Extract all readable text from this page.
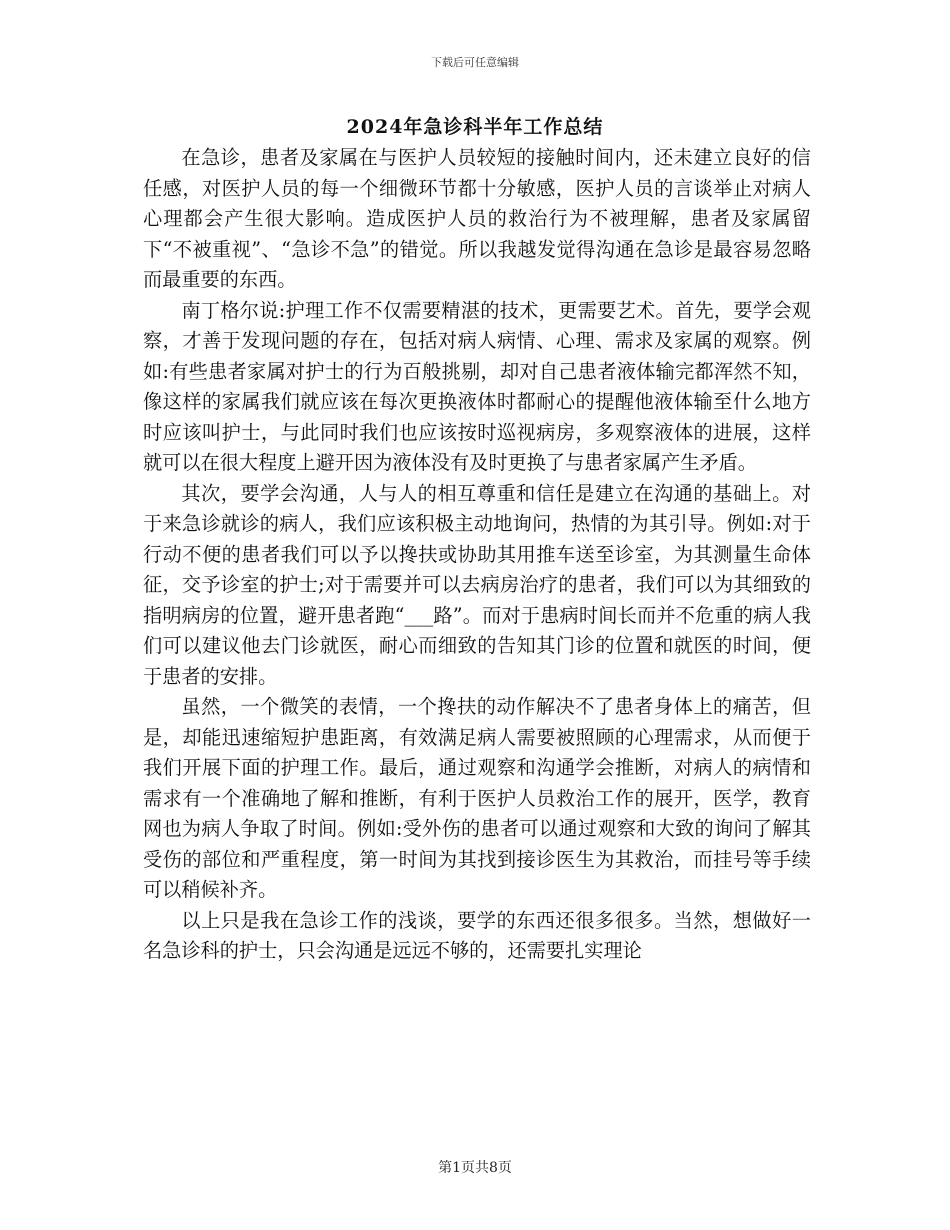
下载后可任意编辑
2024年急诊科半年工作总结

在急诊，患者及家属在与医护人员较短的接触时间内，还未建立良好的信任感，对医护人员的每一个细微环节都十分敏感，医护人员的言谈举止对病人心理都会产生很大影响。造成医护人员的救治行为不被理解，患者及家属留下“不被重视”、“急诊不急”的错觉。所以我越发觉得沟通在急诊是最容易忽略而最重要的东西。

南丁格尔说:护理工作不仅需要精湛的技术，更需要艺术。首先，要学会观察，才善于发现问题的存在，包括对病人病情、心理、需求及家属的观察。例如:有些患者家属对护士的行为百般挑剔，却对自己患者液体输完都浑然不知，像这样的家属我们就应该在每次更换液体时都耐心的提醒他液体输至什么地方时应该叫护士，与此同时我们也应该按时巡视病房，多观察液体的进展，这样就可以在很大程度上避开因为液体没有及时更换了与患者家属产生矛盾。

其次，要学会沟通，人与人的相互尊重和信任是建立在沟通的基础上。对于来急诊就诊的病人，我们应该积极主动地询问，热情的为其引导。例如:对于行动不便的患者我们可以予以搀扶或协助其用推车送至诊室，为其测量生命体征，交予诊室的护士;对于需要并可以去病房治疗的患者，我们可以为其细致的指明病房的位置，避开患者跑“___路”。而对于患病时间长而并不危重的病人我们可以建议他去门诊就医，耐心而细致的告知其门诊的位置和就医的时间，便于患者的安排。

虽然，一个微笑的表情，一个搀扶的动作解决不了患者身体上的痛苦，但是，却能迅速缩短护患距离，有效满足病人需要被照顾的心理需求，从而便于我们开展下面的护理工作。最后，通过观察和沟通学会推断，对病人的病情和需求有一个准确地了解和推断，有利于医护人员救治工作的展开，医学，教育网也为病人争取了时间。例如:受外伤的患者可以通过观察和大致的询问了解其受伤的部位和严重程度，第一时间为其找到接诊医生为其救治，而挂号等手续可以稍候补齐。

以上只是我在急诊工作的浅谈，要学的东西还很多很多。当然，想做好一名急诊科的护士，只会沟通是远远不够的，还需要扎实理论

第1页共8页
